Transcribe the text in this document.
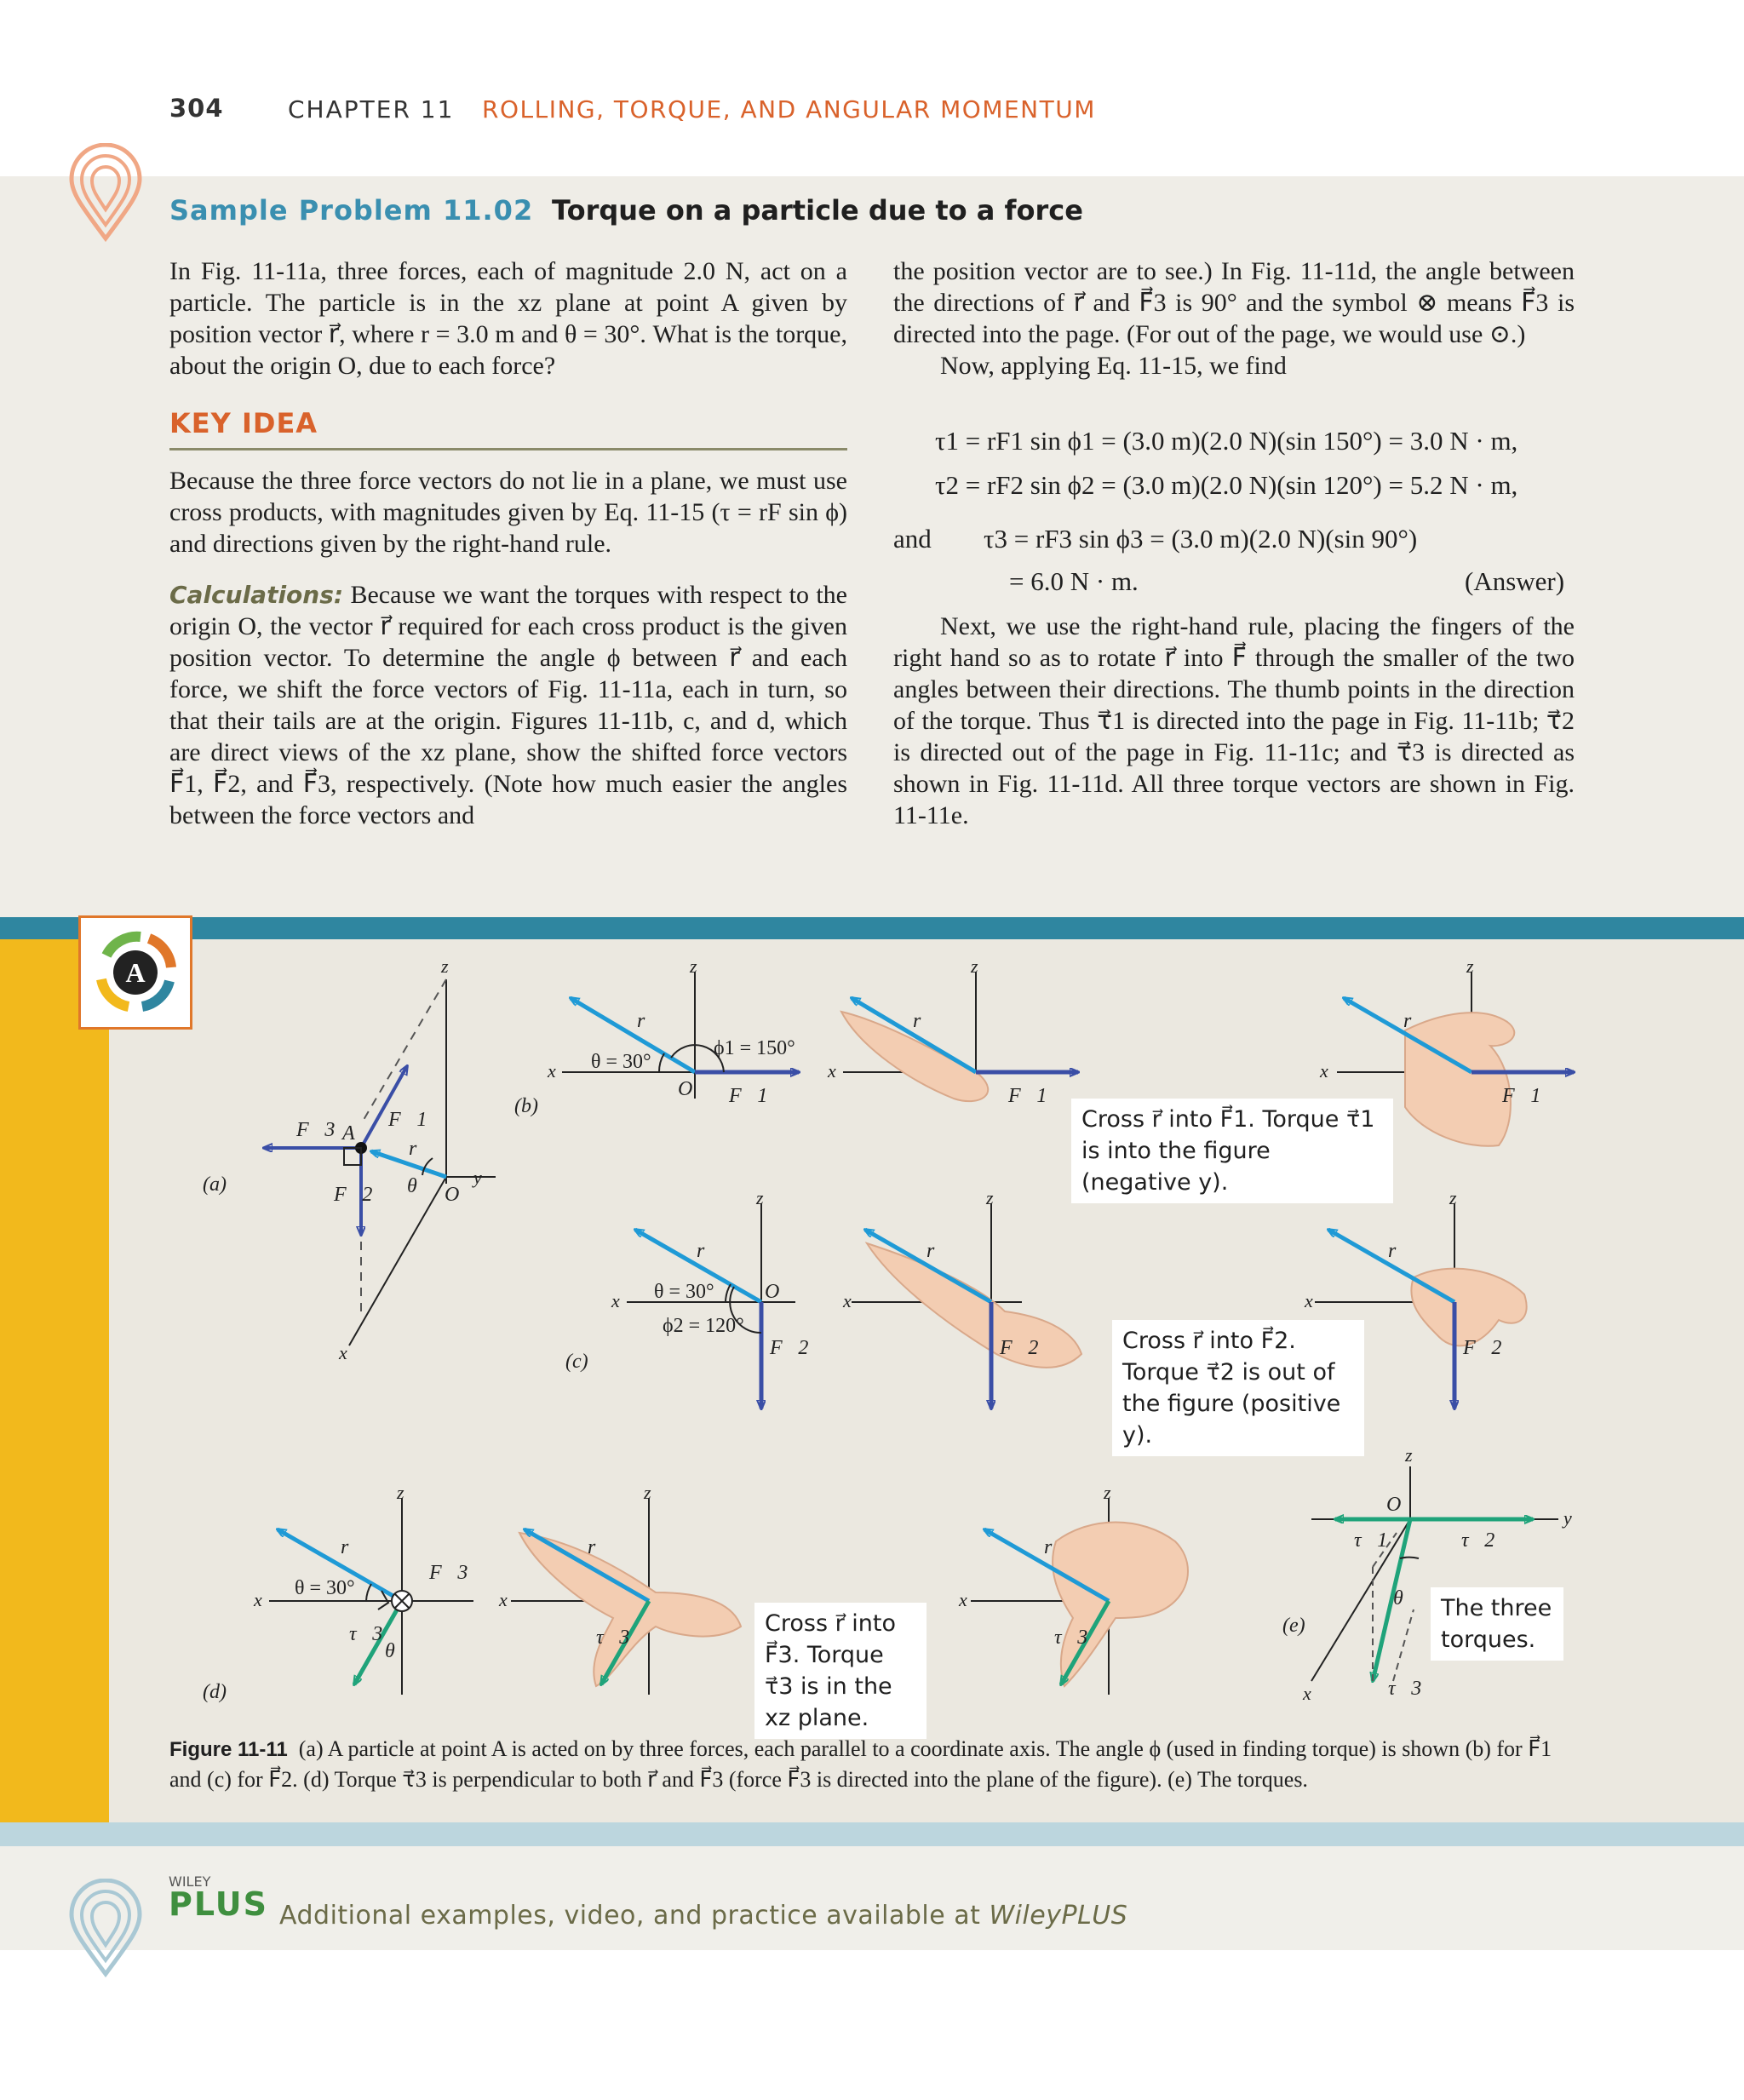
304	CHAPTER 11 ROLLING, TORQUE, AND ANGULAR MOMENTUM
Sample Problem 11.02 Torque on a particle due to a force
In Fig. 11-11a, three forces, each of magnitude 2.0 N, act on a particle. The particle is in the xz plane at point A given by position vector r⃗, where r = 3.0 m and θ = 30°. What is the torque, about the origin O, due to each force?
KEY IDEA
Because the three force vectors do not lie in a plane, we must use cross products, with magnitudes given by Eq. 11-15 (τ = rF sin ϕ) and directions given by the right-hand rule.
Calculations: Because we want the torques with respect to the origin O, the vector r⃗ required for each cross product is the given position vector. To determine the angle ϕ between r⃗ and each force, we shift the force vectors of Fig. 11-11a, each in turn, so that their tails are at the origin. Figures 11-11b, c, and d, which are direct views of the xz plane, show the shifted force vectors F⃗1, F⃗2, and F⃗3, respectively. (Note how much easier the angles between the force vectors and

the position vector are to see.) In Fig. 11-11d, the angle between the directions of r⃗ and F⃗3 is 90° and the symbol ⊗ means F⃗3 is directed into the page. (For out of the page, we would use ⊙.)

Now, applying Eq. 11-15, we find

τ1 = rF1 sin ϕ1 = (3.0 m)(2.0 N)(sin 150°) = 3.0 N · m,
τ2 = rF2 sin ϕ2 = (3.0 m)(2.0 N)(sin 120°) = 5.2 N · m,
and τ3 = rF3 sin ϕ3 = (3.0 m)(2.0 N)(sin 90°)
= 6.0 N · m.	(Answer)
Next, we use the right-hand rule, placing the fingers of the right hand so as to rotate r⃗ into F⃗ through the smaller of the two angles between their directions. The thumb points in the direction of the torque. Thus τ⃗1 is directed into the page in Fig. 11-11b; τ⃗2 is directed out of the page in Fig. 11-11c; and τ⃗3 is directed as shown in Fig. 11-11d. All three torque vectors are shown in Fig. 11-11e.
A	z
y
x
z
x
z
x
z
x
z
x
z
x
z
x
z
x
z
x
z
x
z
y
x
(a)
(b)
(c)
(d)
(e)
A
O
θ
r⃗
F⃗3	F⃗1
F⃗2
r⃗
θ = 30°
ϕ1 = 150°
O F⃗1
r⃗
F⃗1
r⃗
F⃗1
r⃗
θ = 30° O
ϕ2 = 120°
F⃗2
r⃗
F⃗2
r⃗
F⃗2
r⃗
F⃗3
θ = 30°
τ⃗3
θ
r⃗
τ⃗3
r⃗
τ⃗3
O
τ⃗1	τ⃗2
θ
τ⃗3
Cross r⃗ into F⃗1. Torque τ⃗1 is into the figure (negative y).
Cross r⃗ into F⃗2. Torque τ⃗2 is out of the figure (positive y).
Cross r⃗ into F⃗3. Torque τ⃗3 is in the xz plane.
The three torques.
Figure 11-11 (a) A particle at point A is acted on by three forces, each parallel to a coordinate axis. The angle ϕ (used in finding torque) is shown (b) for F⃗1 and (c) for F⃗2. (d) Torque τ⃗3 is perpendicular to both r⃗ and F⃗3 (force F⃗3 is directed into the plane of the figure). (e) The torques.
WILEY
PLUS Additional examples, video, and practice available at WileyPLUS
